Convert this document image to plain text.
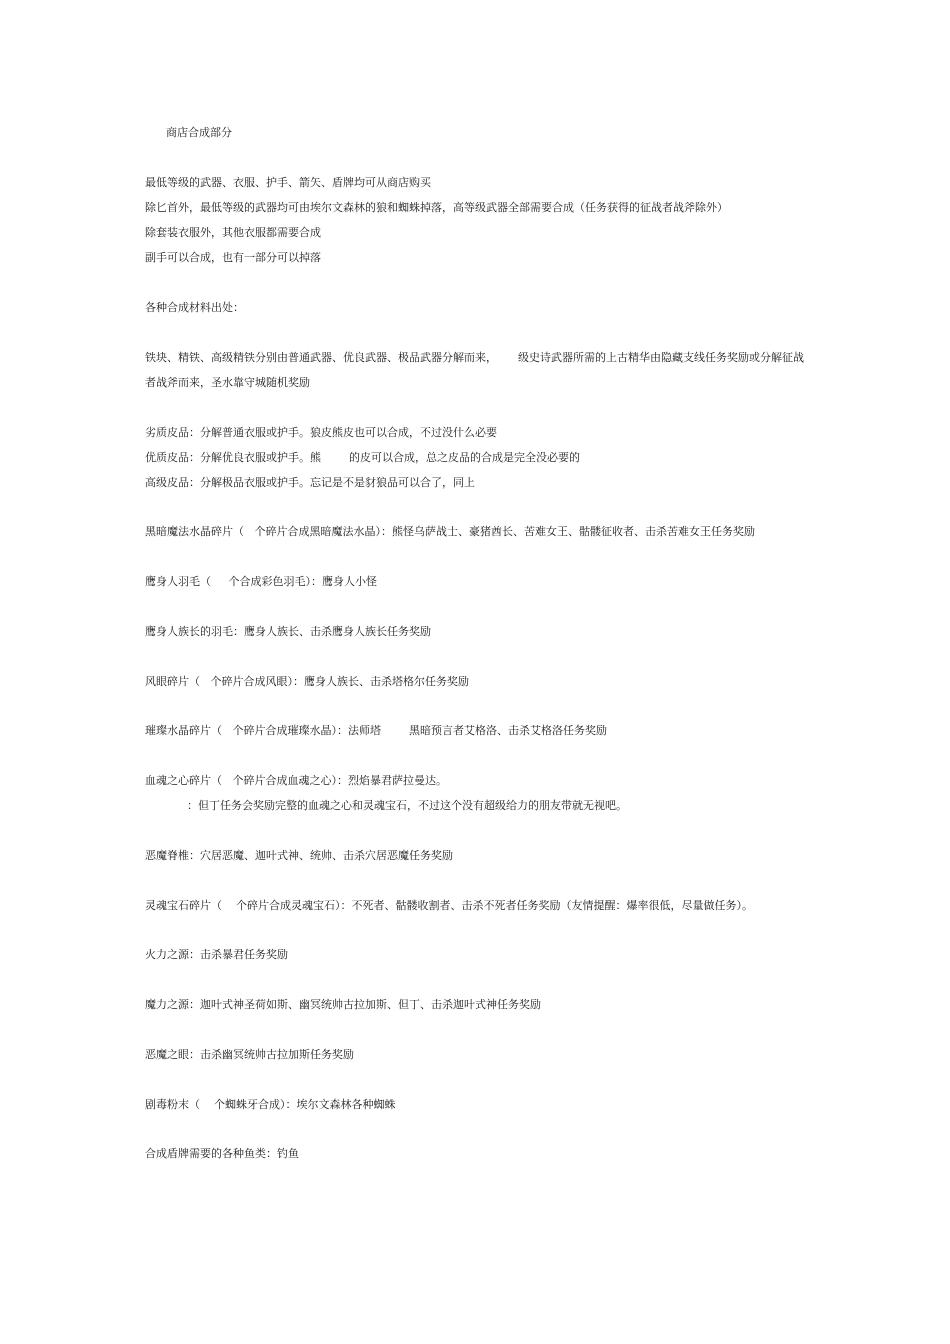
商店合成部分

最低等级的武器、衣服、护手、箭矢、盾牌均可从商店购买

除匕首外，最低等级的武器均可由埃尔文森林的狼和蜘蛛掉落，高等级武器全部需要合成（任务获得的征战者战斧除外）

除套装衣服外，其他衣服都需要合成

副手可以合成，也有一部分可以掉落

各种合成材料出处：

铁块、精铁、高级精铁分别由普通武器、优良武器、极品武器分解而来，      级史诗武器所需的上古精华由隐藏支线任务奖励或分解征战

者战斧而来，圣水靠守城随机奖励

劣质皮品：分解普通衣服或护手。狼皮熊皮也可以合成，不过没什么必要

优质皮品：分解优良衣服或护手。熊        的皮可以合成，总之皮品的合成是完全没必要的

高级皮品：分解极品衣服或护手。忘记是不是豺狼品可以合了，同上

黑暗魔法水晶碎片（   个碎片合成黑暗魔法水晶）：熊怪乌萨战士、豪猪酋长、苦难女王、骷髅征收者、击杀苦难女王任务奖励

鹰身人羽毛（     个合成彩色羽毛）：鹰身人小怪

鹰身人族长的羽毛：鹰身人族长、击杀鹰身人族长任务奖励

风眼碎片（   个碎片合成风眼）：鹰身人族长、击杀塔格尔任务奖励

璀璨水晶碎片（   个碎片合成璀璨水晶）：法师塔        黑暗预言者艾格洛、击杀艾格洛任务奖励

血魂之心碎片（   个碎片合成血魂之心）：烈焰暴君萨拉曼达。

：但丁任务会奖励完整的血魂之心和灵魂宝石，不过这个没有超级给力的朋友带就无视吧。

恶魔脊椎：穴居恶魔、迦叶式神、统帅、击杀穴居恶魔任务奖励

灵魂宝石碎片（    个碎片合成灵魂宝石）：不死者、骷髅收割者、击杀不死者任务奖励（友情提醒：爆率很低，尽量做任务）。

火力之源：击杀暴君任务奖励

魔力之源：迦叶式神圣荷如斯、幽冥统帅古拉加斯、但丁、击杀迦叶式神任务奖励

恶魔之眼：击杀幽冥统帅古拉加斯任务奖励

剧毒粉末（    个蜘蛛牙合成）：埃尔文森林各种蜘蛛

合成盾牌需要的各种鱼类：钓鱼
